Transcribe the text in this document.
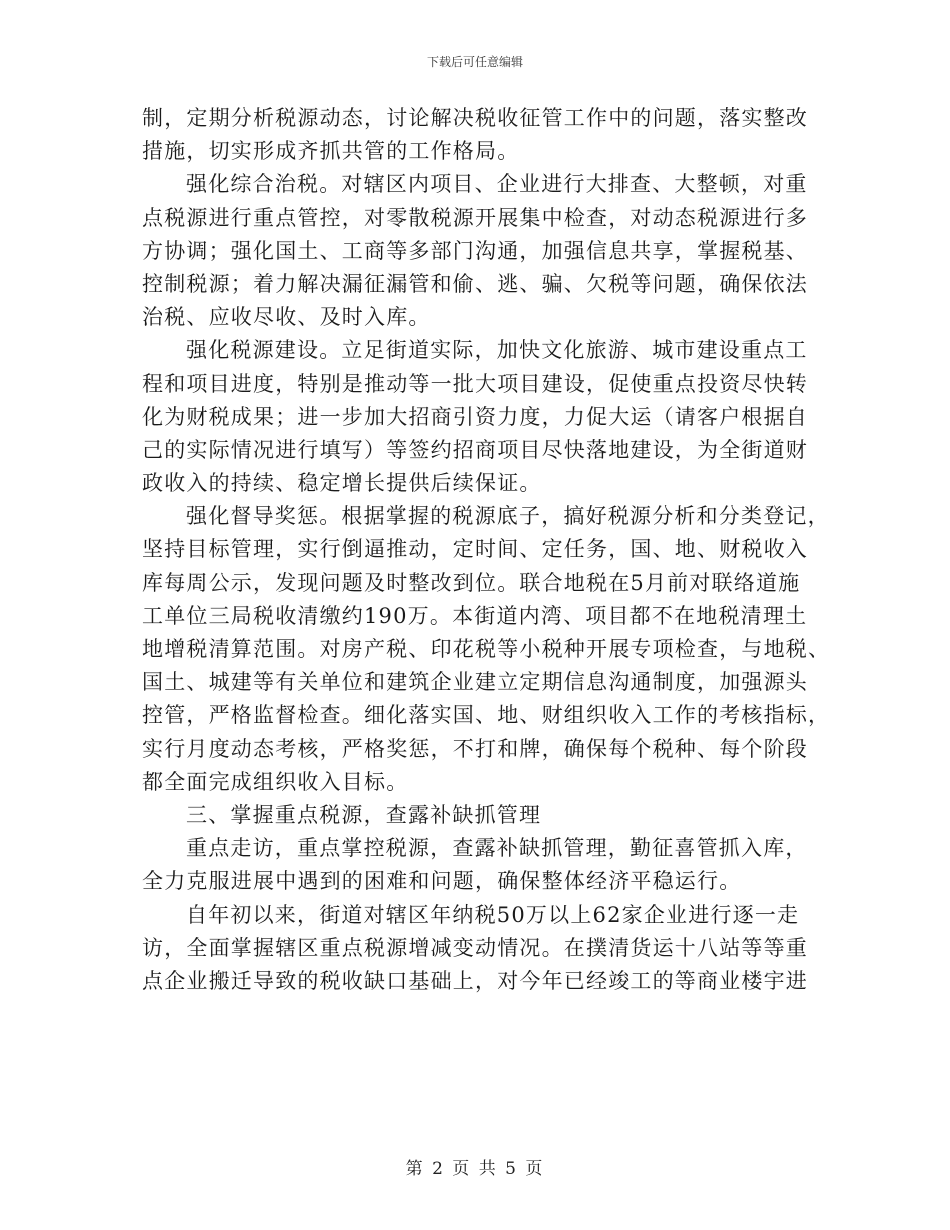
下载后可任意编辑
制，定期分析税源动态，讨论解决税收征管工作中的问题，落实整改
措施，切实形成齐抓共管的工作格局。
强化综合治税。对辖区内项目、企业进行大排查、大整顿，对重
点税源进行重点管控，对零散税源开展集中检查，对动态税源进行多
方协调；强化国土、工商等多部门沟通，加强信息共享，掌握税基、
控制税源；着力解决漏征漏管和偷、逃、骗、欠税等问题，确保依法
治税、应收尽收、及时入库。
强化税源建设。立足街道实际，加快文化旅游、城市建设重点工
程和项目进度，特别是推动等一批大项目建设，促使重点投资尽快转
化为财税成果；进一步加大招商引资力度，力促大运（请客户根据自
己的实际情况进行填写）等签约招商项目尽快落地建设，为全街道财
政收入的持续、稳定增长提供后续保证。
强化督导奖惩。根据掌握的税源底子，搞好税源分析和分类登记，
坚持目标管理，实行倒逼推动，定时间、定任务，国、地、财税收入
库每周公示，发现问题及时整改到位。联合地税在5月前对联络道施
工单位三局税收清缴约190万。本街道内湾、项目都不在地税清理土
地增税清算范围。对房产税、印花税等小税种开展专项检查，与地税、
国土、城建等有关单位和建筑企业建立定期信息沟通制度，加强源头
控管，严格监督检查。细化落实国、地、财组织收入工作的考核指标，
实行月度动态考核，严格奖惩，不打和牌，确保每个税种、每个阶段
都全面完成组织收入目标。
三、掌握重点税源，查露补缺抓管理
重点走访，重点掌控税源，查露补缺抓管理，勤征喜管抓入库，
全力克服进展中遇到的困难和问题，确保整体经济平稳运行。
自年初以来，街道对辖区年纳税50万以上62家企业进行逐一走
访，全面掌握辖区重点税源增减变动情况。在撲清货运十八站等等重
点企业搬迁导致的税收缺口基础上，对今年已经竣工的等商业楼宇进
第 2 页 共 5 页
